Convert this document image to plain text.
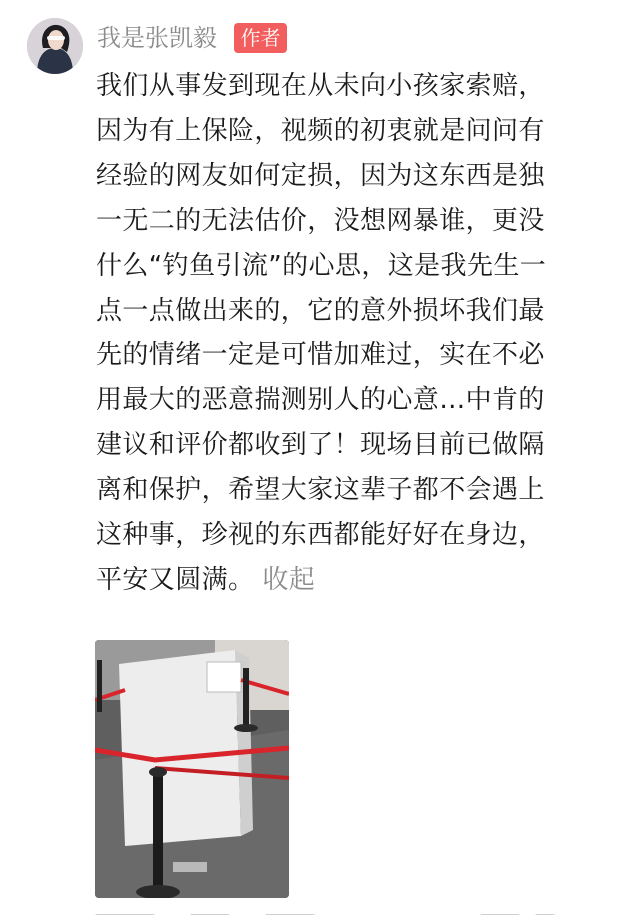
我是张凯毅	作者
我们从事发到现在从未向小孩家索赔，
因为有上保险，视频的初衷就是问问有
经验的网友如何定损，因为这东西是独
一无二的无法估价，没想网暴谁，更没
什么“钓鱼引流”的心思，这是我先生一
点一点做出来的，它的意外损坏我们最
先的情绪一定是可惜加难过，实在不必
用最大的恶意揣测别人的心意…中肯的
建议和评价都收到了！现场目前已做隔
离和保护，希望大家这辈子都不会遇上
这种事，珍视的东西都能好好在身边，
平安又圆满。 收起
